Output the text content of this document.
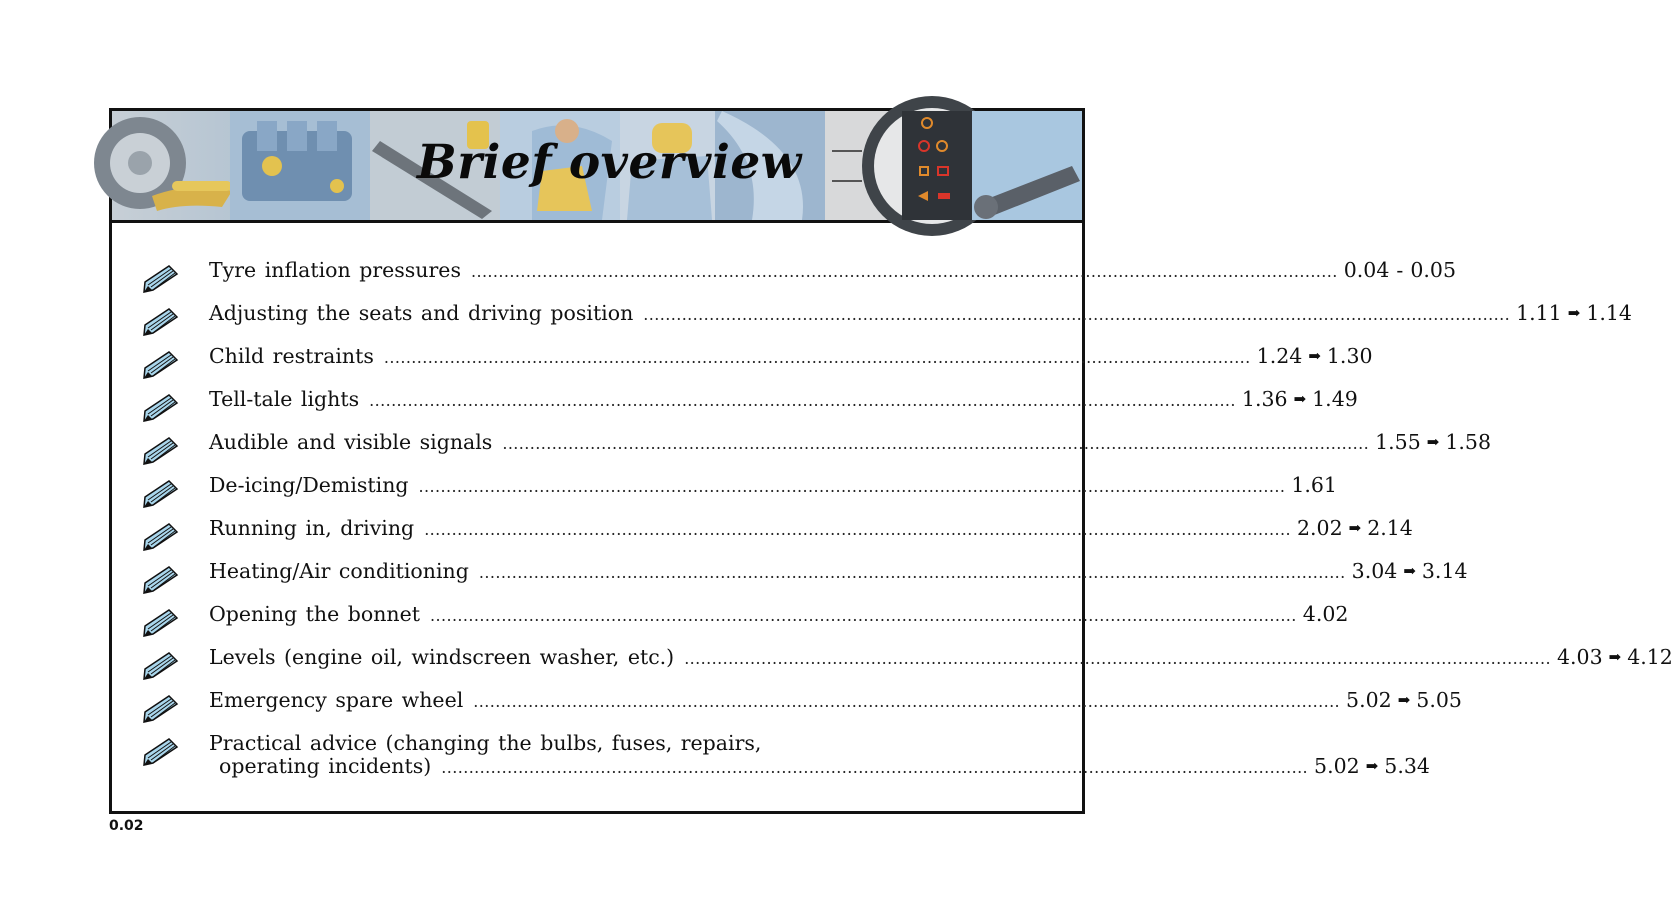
Brief overview
Tyre inflation pressures .............................................................................................................................................................. 0.04 - 0.05
Adjusting the seats and driving position .............................................................................................................................................................. 1.11 ➡ 1.14
Child restraints .............................................................................................................................................................. 1.24 ➡ 1.30
Tell-tale lights .............................................................................................................................................................. 1.36 ➡ 1.49
Audible and visible signals .............................................................................................................................................................. 1.55 ➡ 1.58
De-icing/Demisting .............................................................................................................................................................. 1.61
Running in, driving .............................................................................................................................................................. 2.02 ➡ 2.14
Heating/Air conditioning .............................................................................................................................................................. 3.04 ➡ 3.14
Opening the bonnet .............................................................................................................................................................. 4.02
Levels (engine oil, windscreen washer, etc.) .............................................................................................................................................................. 4.03 ➡ 4.12
Emergency spare wheel .............................................................................................................................................................. 5.02 ➡ 5.05
Practical advice (changing the bulbs, fuses, repairs,
operating incidents) .............................................................................................................................................................. 5.02 ➡ 5.34
0.02
